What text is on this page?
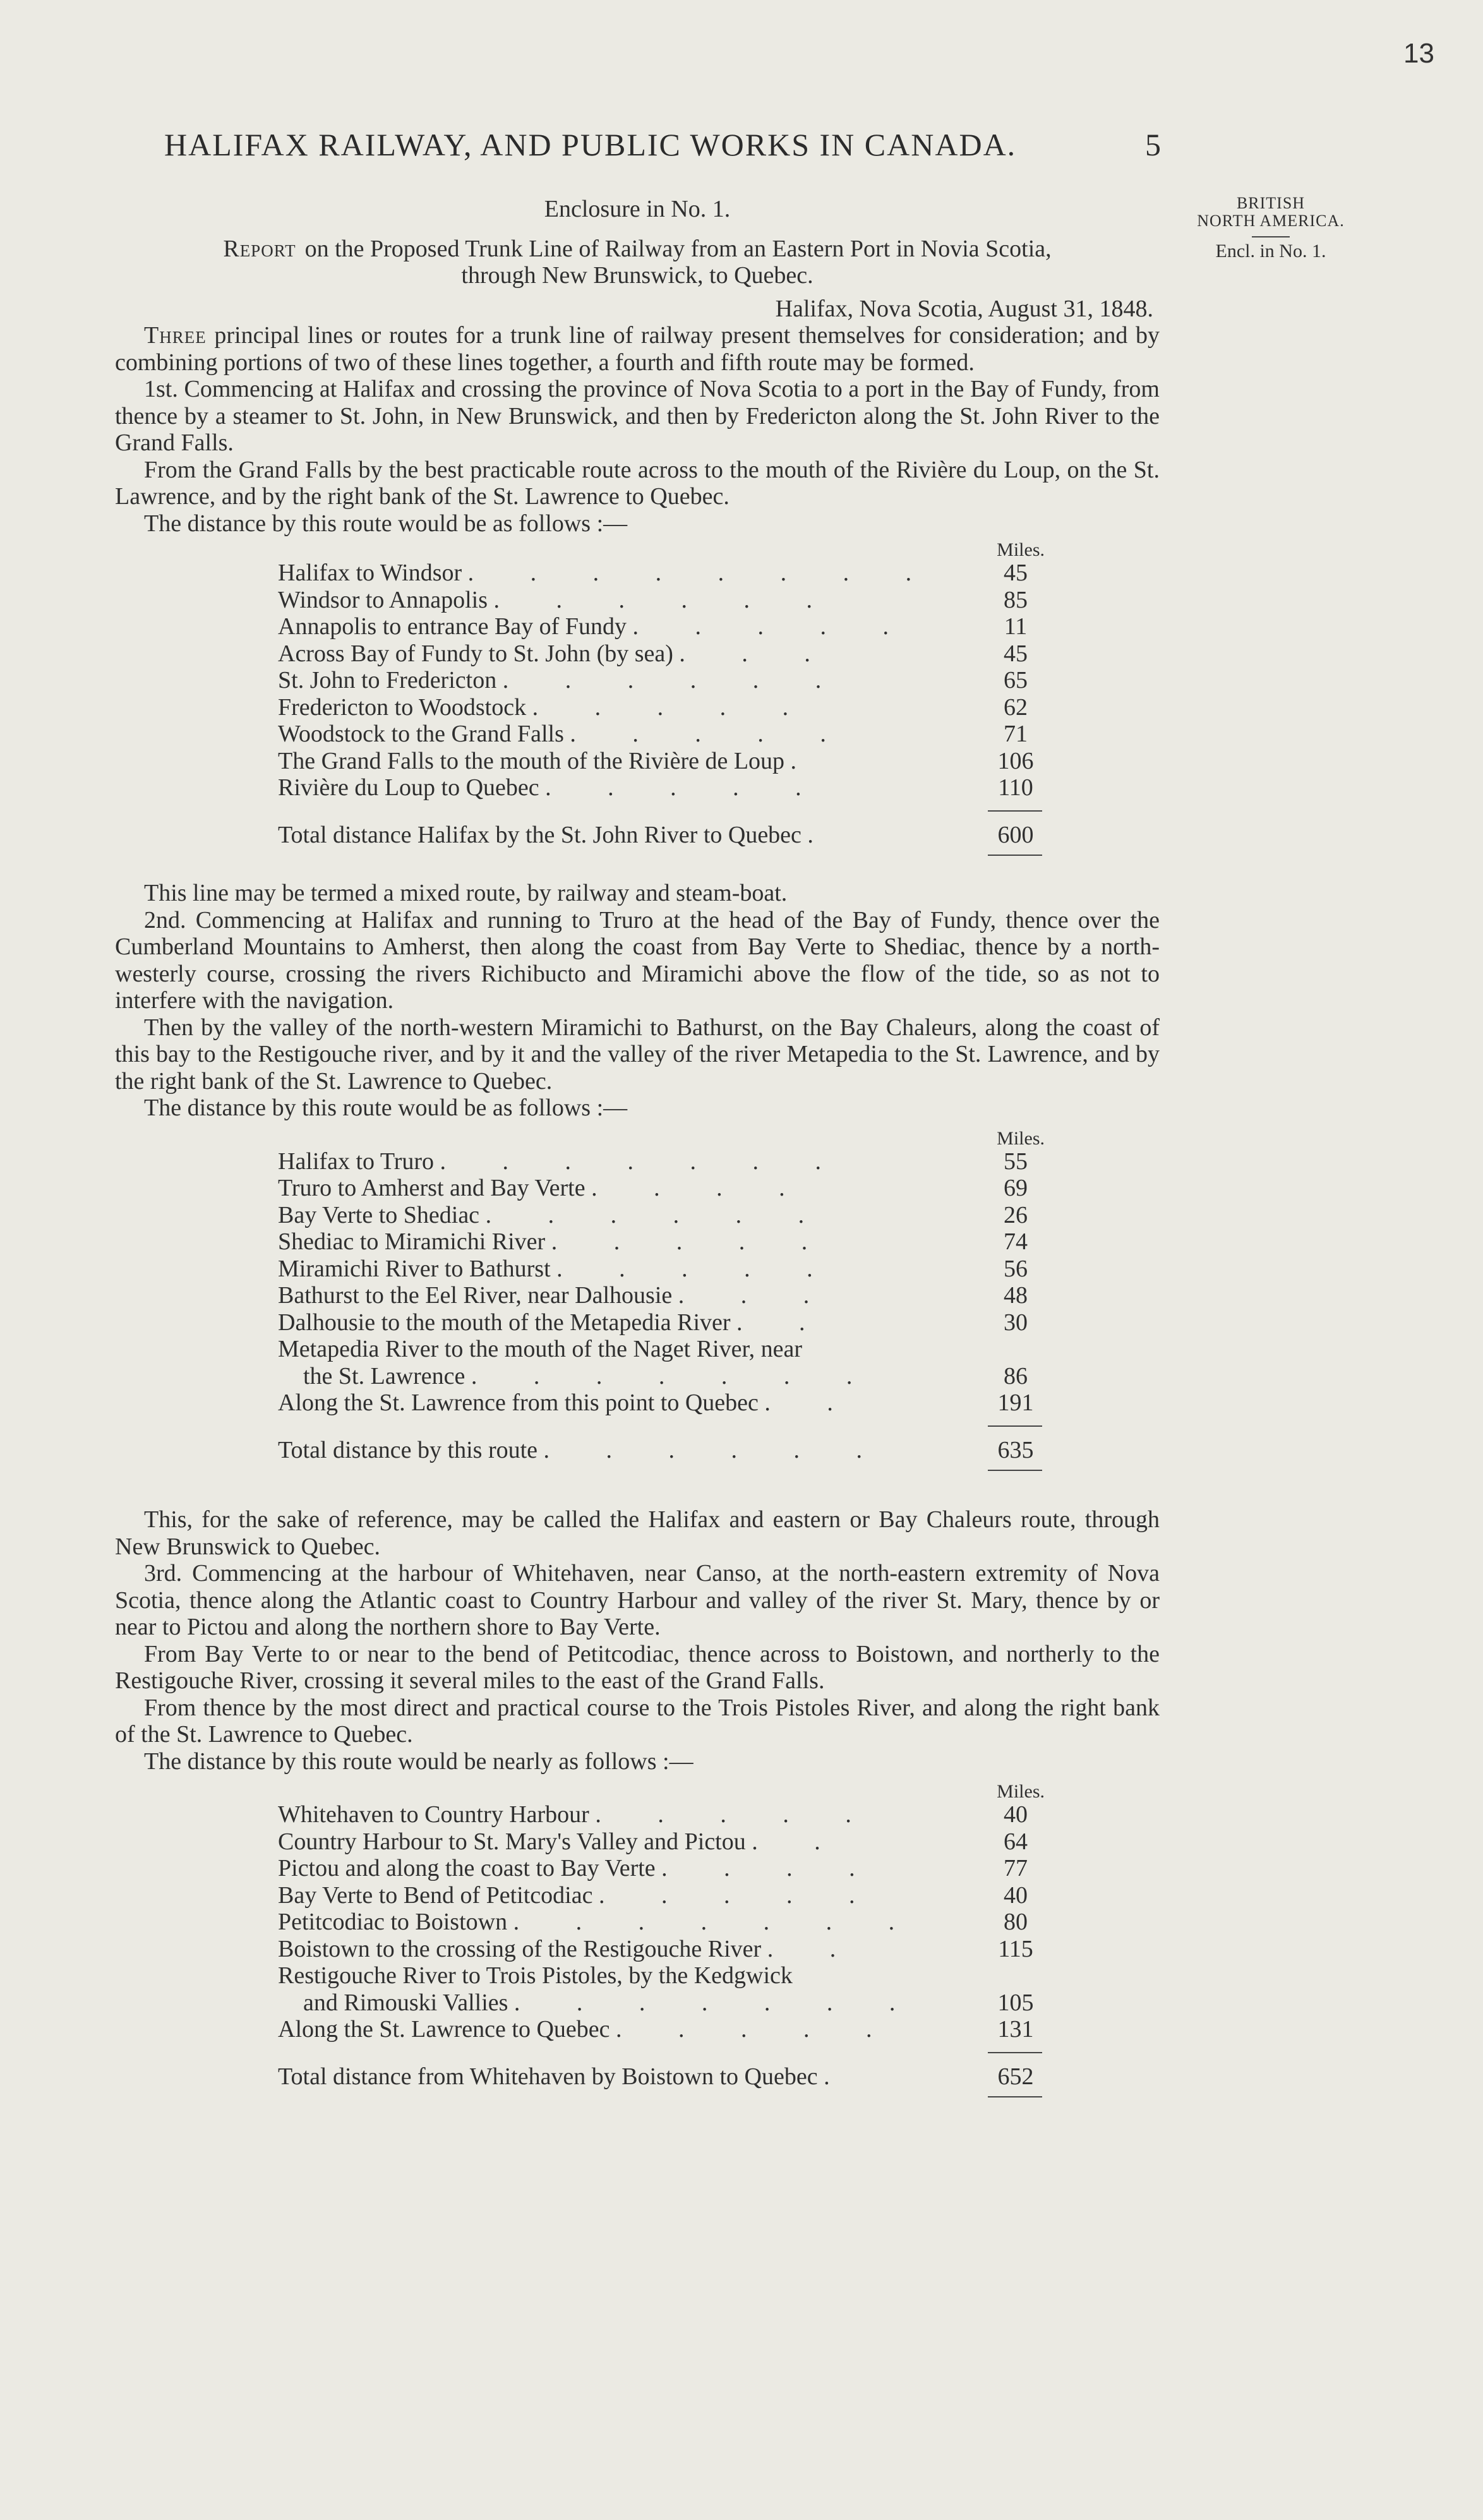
13
HALIFAX RAILWAY, AND PUBLIC WORKS IN CANADA.	5
BRITISH
NORTH AMERICA.
Encl. in No. 1.
Enclosure in No. 1.

Report on the Proposed Trunk Line of Railway from an Eastern Port in Novia Scotia,
through New Brunswick, to Quebec.

Halifax, Nova Scotia, August 31, 1848.

Three principal lines or routes for a trunk line of railway present themselves for consideration; and by combining portions of two of these lines together, a fourth and fifth route may be formed.

1st. Commencing at Halifax and crossing the province of Nova Scotia to a port in the Bay of Fundy, from thence by a steamer to St. John, in New Brunswick, and then by Fredericton along the St. John River to the Grand Falls.

From the Grand Falls by the best practicable route across to the mouth of the Rivière du Loup, on the St. Lawrence, and by the right bank of the St. Lawrence to Quebec.

The distance by this route would be as follows :—

Miles.
Halifax to Windsor . . . . . . . .	45
Windsor to Annapolis . . . . . .	85
Annapolis to entrance Bay of Fundy . . . . .	11
Across Bay of Fundy to St. John (by sea) . . .	45
St. John to Fredericton . . . . . .	65
Fredericton to Woodstock . . . . .	62
Woodstock to the Grand Falls . . . . .	71
The Grand Falls to the mouth of the Rivière de Loup .	106
Rivière du Loup to Quebec . . . . .	110
Total distance Halifax by the St. John River to Quebec .	600

This line may be termed a mixed route, by railway and steam-boat.

2nd. Commencing at Halifax and running to Truro at the head of the Bay of Fundy, thence over the Cumberland Mountains to Amherst, then along the coast from Bay Verte to Shediac, thence by a north-westerly course, crossing the rivers Richibucto and Miramichi above the flow of the tide, so as not to interfere with the navigation.

Then by the valley of the north-western Miramichi to Bathurst, on the Bay Chaleurs, along the coast of this bay to the Restigouche river, and by it and the valley of the river Metapedia to the St. Lawrence, and by the right bank of the St. Lawrence to Quebec.

The distance by this route would be as follows :—

Miles.
Halifax to Truro . . . . . . .	55
Truro to Amherst and Bay Verte . . . .	69
Bay Verte to Shediac . . . . . .	26
Shediac to Miramichi River . . . . .	74
Miramichi River to Bathurst . . . . .	56
Bathurst to the Eel River, near Dalhousie . . .	48
Dalhousie to the mouth of the Metapedia River . .	30
Metapedia River to the mouth of the Naget River, near
the St. Lawrence . . . . . . .	86
Along the St. Lawrence from this point to Quebec . .	191
Total distance by this route . . . . . .	635

This, for the sake of reference, may be called the Halifax and eastern or Bay Chaleurs route, through New Brunswick to Quebec.

3rd. Commencing at the harbour of Whitehaven, near Canso, at the north-eastern extremity of Nova Scotia, thence along the Atlantic coast to Country Harbour and valley of the river St. Mary, thence by or near to Pictou and along the northern shore to Bay Verte.

From Bay Verte to or near to the bend of Petitcodiac, thence across to Boistown, and northerly to the Restigouche River, crossing it several miles to the east of the Grand Falls.

From thence by the most direct and practical course to the Trois Pistoles River, and along the right bank of the St. Lawrence to Quebec.

The distance by this route would be nearly as follows :—

Miles.
Whitehaven to Country Harbour . . . . .	40
Country Harbour to St. Mary's Valley and Pictou . .	64
Pictou and along the coast to Bay Verte . . . .	77
Bay Verte to Bend of Petitcodiac . . . . .	40
Petitcodiac to Boistown . . . . . . .	80
Boistown to the crossing of the Restigouche River . .	115
Restigouche River to Trois Pistoles, by the Kedgwick
and Rimouski Vallies . . . . . . .	105
Along the St. Lawrence to Quebec . . . . .	131
Total distance from Whitehaven by Boistown to Quebec .	652
